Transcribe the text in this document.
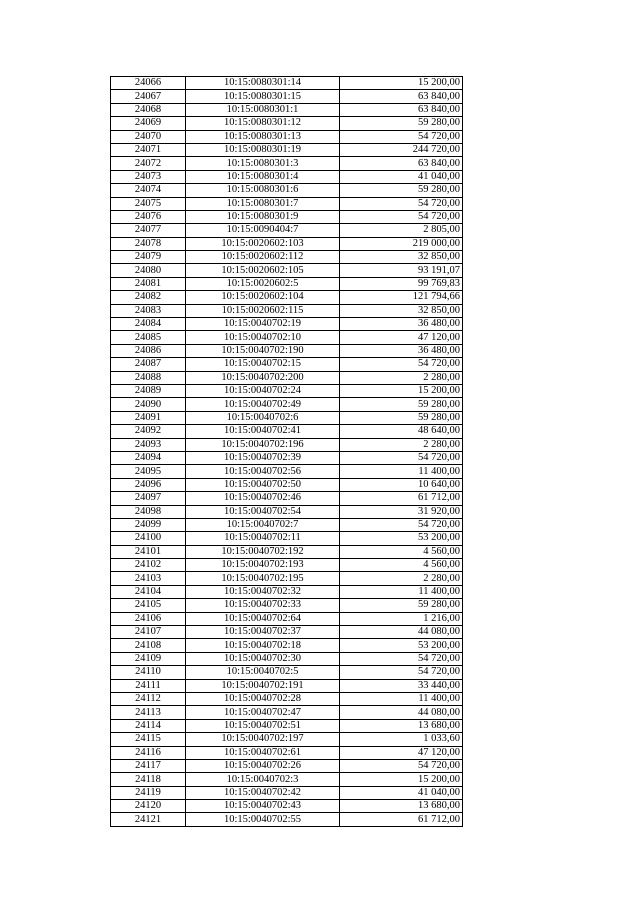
24066	10:15:0080301:14	15 200,00
24067	10:15:0080301:15	63 840,00
24068	10:15:0080301:1	63 840,00
24069	10:15:0080301:12	59 280,00
24070	10:15:0080301:13	54 720,00
24071	10:15:0080301:19	244 720,00
24072	10:15:0080301:3	63 840,00
24073	10:15:0080301:4	41 040,00
24074	10:15:0080301:6	59 280,00
24075	10:15:0080301:7	54 720,00
24076	10:15:0080301:9	54 720,00
24077	10:15:0090404:7	2 805,00
24078	10:15:0020602:103	219 000,00
24079	10:15:0020602:112	32 850,00
24080	10:15:0020602:105	93 191,07
24081	10:15:0020602:5	99 769,83
24082	10:15:0020602:104	121 794,66
24083	10:15:0020602:115	32 850,00
24084	10:15:0040702:19	36 480,00
24085	10:15:0040702:10	47 120,00
24086	10:15:0040702:190	36 480,00
24087	10:15:0040702:15	54 720,00
24088	10:15:0040702:200	2 280,00
24089	10:15:0040702:24	15 200,00
24090	10:15:0040702:49	59 280,00
24091	10:15:0040702:6	59 280,00
24092	10:15:0040702:41	48 640,00
24093	10:15:0040702:196	2 280,00
24094	10:15:0040702:39	54 720,00
24095	10:15:0040702:56	11 400,00
24096	10:15:0040702:50	10 640,00
24097	10:15:0040702:46	61 712,00
24098	10:15:0040702:54	31 920,00
24099	10:15:0040702:7	54 720,00
24100	10:15:0040702:11	53 200,00
24101	10:15:0040702:192	4 560,00
24102	10:15:0040702:193	4 560,00
24103	10:15:0040702:195	2 280,00
24104	10:15:0040702:32	11 400,00
24105	10:15:0040702:33	59 280,00
24106	10:15:0040702:64	1 216,00
24107	10:15:0040702:37	44 080,00
24108	10:15:0040702:18	53 200,00
24109	10:15:0040702:30	54 720,00
24110	10:15:0040702:5	54 720,00
24111	10:15:0040702:191	33 440,00
24112	10:15:0040702:28	11 400,00
24113	10:15:0040702:47	44 080,00
24114	10:15:0040702:51	13 680,00
24115	10:15:0040702:197	1 033,60
24116	10:15:0040702:61	47 120,00
24117	10:15:0040702:26	54 720,00
24118	10:15:0040702:3	15 200,00
24119	10:15:0040702:42	41 040,00
24120	10:15:0040702:43	13 680,00
24121	10:15:0040702:55	61 712,00
